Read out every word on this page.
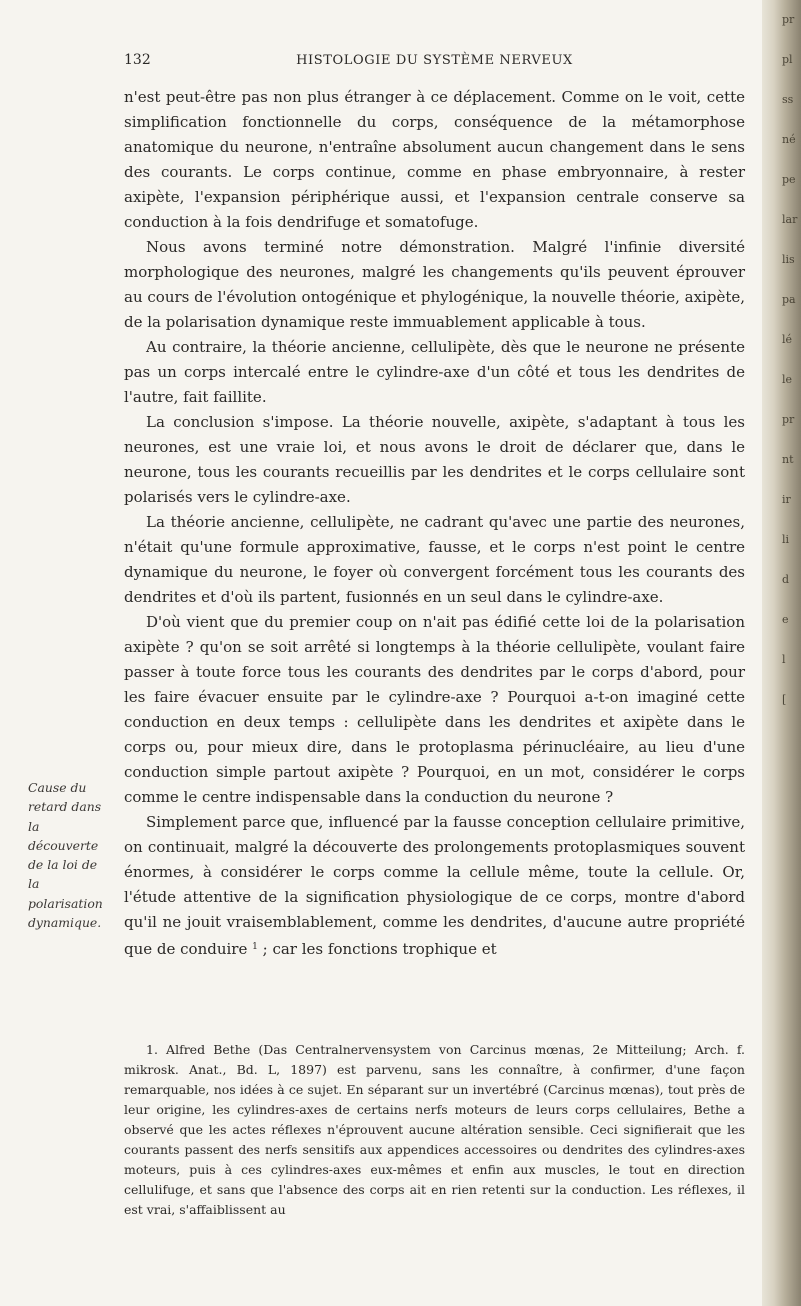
pr
pl
ss
né
pe
lar
lis
pa
lé
le
pr
nt
ir
li
d
e
l
[
132	HISTOLOGIE DU SYSTÈME NERVEUX

n'est peut-être pas non plus étranger à ce déplacement. Comme on le voit, cette simplification fonctionnelle du corps, conséquence de la métamorphose anatomique du neurone, n'entraîne absolument aucun changement dans le sens des courants. Le corps continue, comme en phase embryonnaire, à rester axipète, l'expansion périphérique aussi, et l'expansion centrale conserve sa conduction à la fois dendrifuge et somatofuge.

Nous avons terminé notre démonstration. Malgré l'infinie diversité morphologique des neurones, malgré les changements qu'ils peuvent éprouver au cours de l'évolution ontogénique et phylogénique, la nouvelle théorie, axipète, de la polarisation dynamique reste immuablement applicable à tous.

Au contraire, la théorie ancienne, cellulipète, dès que le neurone ne présente pas un corps intercalé entre le cylindre-axe d'un côté et tous les dendrites de l'autre, fait faillite.

La conclusion s'impose. La théorie nouvelle, axipète, s'adaptant à tous les neurones, est une vraie loi, et nous avons le droit de déclarer que, dans le neurone, tous les courants recueillis par les dendrites et le corps cellulaire sont polarisés vers le cylindre-axe.

La théorie ancienne, cellulipète, ne cadrant qu'avec une partie des neurones, n'était qu'une formule approximative, fausse, et le corps n'est point le centre dynamique du neurone, le foyer où convergent forcément tous les courants des dendrites et d'où ils partent, fusionnés en un seul dans le cylindre-axe.

D'où vient que du premier coup on n'ait pas édifié cette loi de la polarisation axipète ? qu'on se soit arrêté si longtemps à la théorie cellulipète, voulant faire passer à toute force tous les courants des dendrites par le corps d'abord, pour les faire évacuer ensuite par le cylindre-axe ? Pourquoi a-t-on imaginé cette conduction en deux temps : cellulipète dans les dendrites et axipète dans le corps ou, pour mieux dire, dans le protoplasma périnucléaire, au lieu d'une conduction simple partout axipète ? Pourquoi, en un mot, considérer le corps comme le centre indispensable dans la conduction du neurone ?

Simplement parce que, influencé par la fausse conception cellulaire primitive, on continuait, malgré la découverte des prolongements protoplasmiques souvent énormes, à considérer le corps comme la cellule même, toute la cellule. Or, l'étude attentive de la signification physiologique de ce corps, montre d'abord qu'il ne jouit vraisemblablement, comme les dendrites, d'aucune autre propriété que de conduire $^1$ ; car les fonctions trophique et

Cause du retard dans la découverte de la loi de la polarisation dynamique.

1. Alfred Bethe (Das Centralnervensystem von Carcinus mœnas, 2e Mitteilung; Arch. f. mikrosk. Anat., Bd. L, 1897) est parvenu, sans les connaître, à confirmer, d'une façon remarquable, nos idées à ce sujet. En séparant sur un invertébré (Carcinus mœnas), tout près de leur origine, les cylindres-axes de certains nerfs moteurs de leurs corps cellulaires, Bethe a observé que les actes réflexes n'éprouvent aucune altération sensible. Ceci signifierait que les courants passent des nerfs sensitifs aux appendices accessoires ou dendrites des cylindres-axes moteurs, puis à ces cylindres-axes eux-mêmes et enfin aux muscles, le tout en direction cellulifuge, et sans que l'absence des corps ait en rien retenti sur la conduction. Les réflexes, il est vrai, s'affaiblissent au
